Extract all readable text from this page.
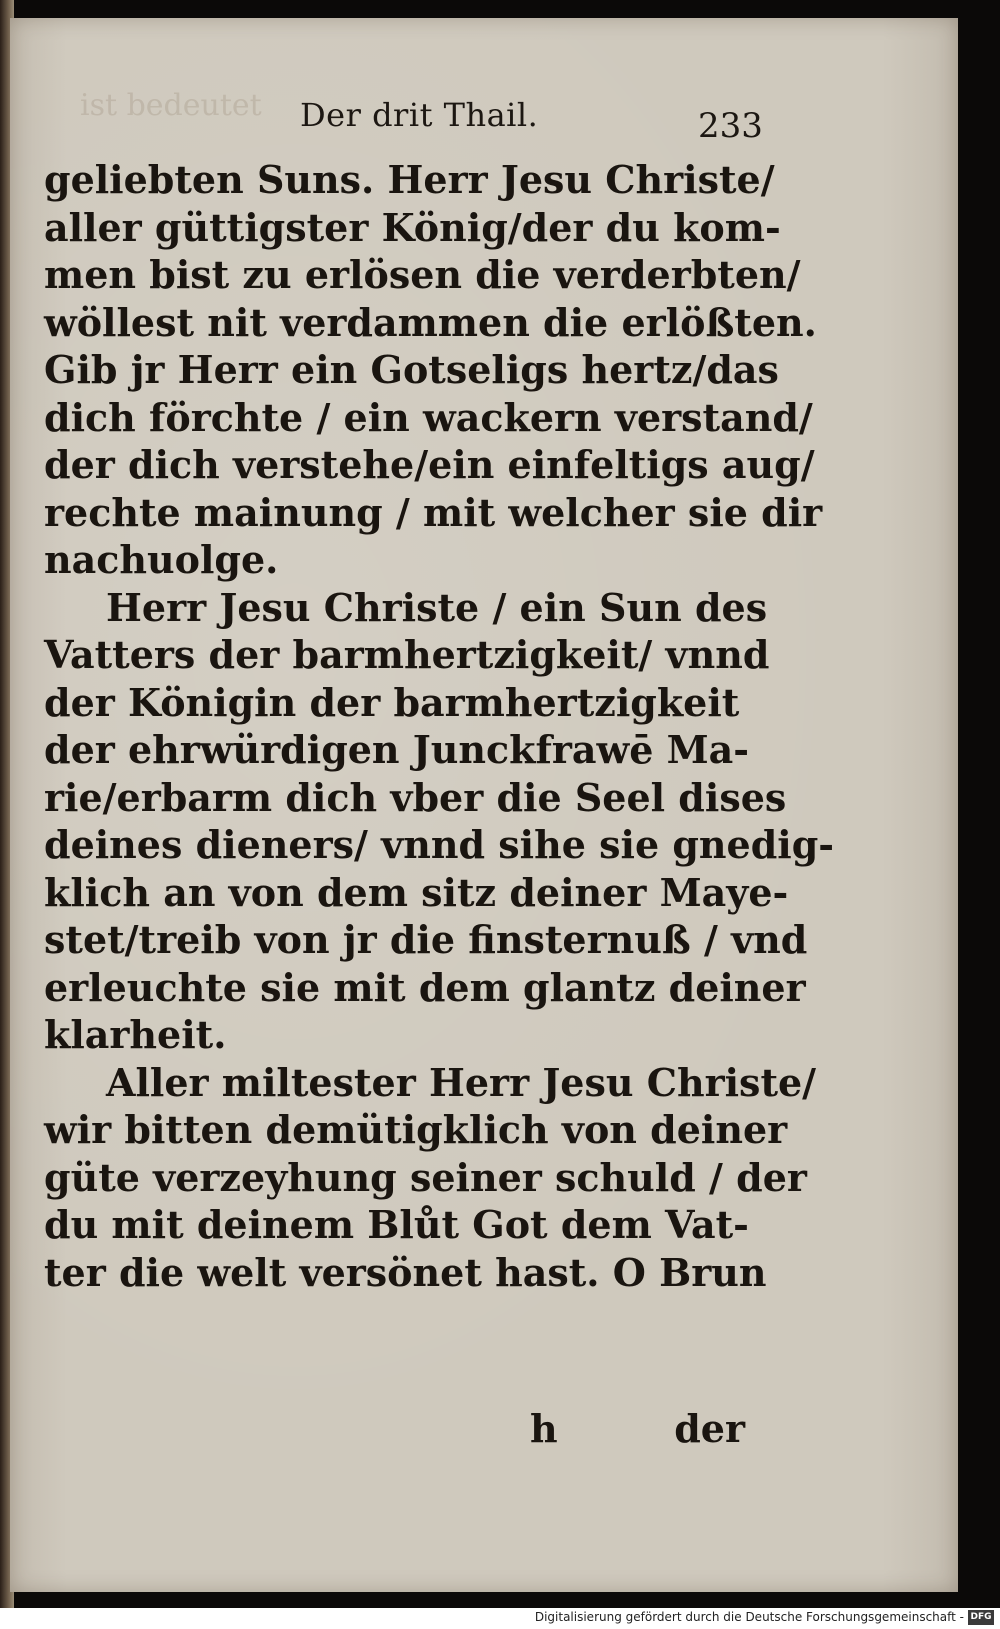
ist bedeutet Der drit Thail.	233
geliebten Suns. Herr Jesu Christe/
aller güttigster König/der du kom-
men bist zu erlösen die verderbten/
wöllest nit verdammen die erlößten.
Gib jr Herr ein Gotseligs hertz/das
dich förchte / ein wackern verstand/
der dich verstehe/ein einfeltigs aug/
rechte mainung / mit welcher sie dir
nachuolge.
Herr Jesu Christe / ein Sun des
Vatters der barmhertzigkeit/ vnnd
der Königin der barmhertzigkeit
der ehrwürdigen Junckfrawē Ma-
rie/erbarm dich vber die Seel dises
deines dieners/ vnnd sihe sie gnedig-
klich an von dem sitz deiner Maye-
stet/treib von jr die finsternuß / vnd
erleuchte sie mit dem glantz deiner
klarheit.
Aller miltester Herr Jesu Christe/
wir bitten demütigklich von deiner
güte verzeyhung seiner schuld / der
du mit deinem Blůt Got dem Vat-
ter die welt versönet hast. O Brun
h	der
Digitalisierung gefördert durch die Deutsche Forschungsgemeinschaft - DFG
